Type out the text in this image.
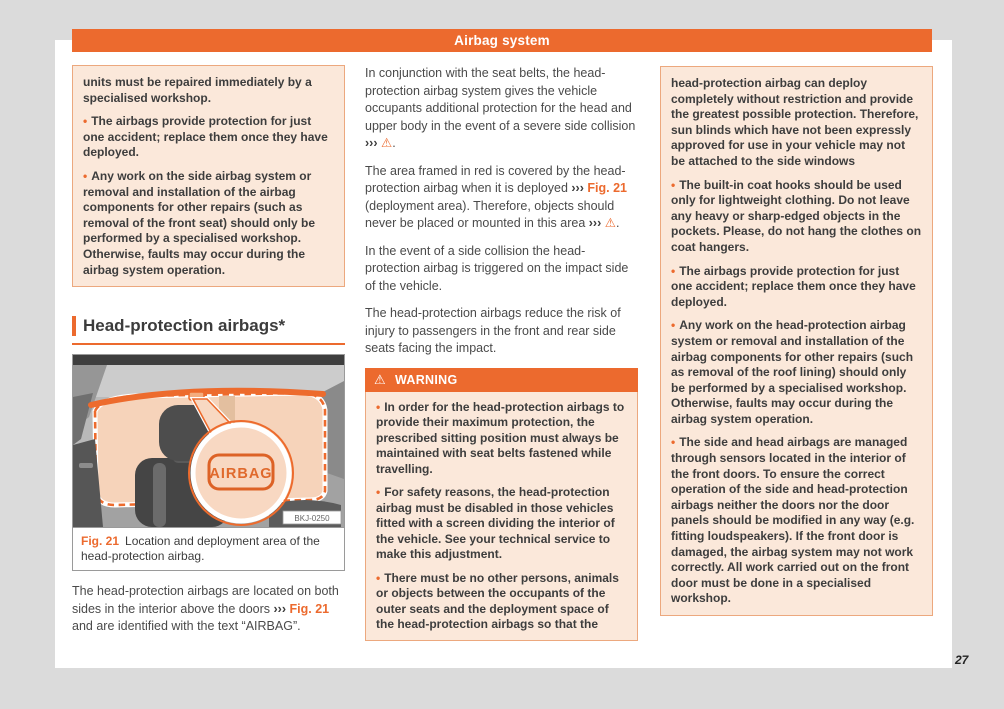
Airbag system

units must be repaired immediately by a specialised workshop.

• The airbags provide protection for just one accident; replace them once they have deployed.

• Any work on the side airbag system or removal and installation of the airbag components for other repairs (such as removal of the front seat) should only be performed by a specialised workshop. Otherwise, faults may occur during the airbag system operation.

Head-protection airbags*
AIRBAG
BKJ-0250
Fig. 21 Location and deployment area of the head-protection airbag.

The head-protection airbags are located on both sides in the interior above the doors ››› Fig. 21 and are identified with the text “AIRBAG”.

In conjunction with the seat belts, the head-protection airbag system gives the vehicle occupants additional protection for the head and upper body in the event of a severe side collision ››› ⚠.

The area framed in red is covered by the head-protection airbag when it is deployed ››› Fig. 21 (deployment area). Therefore, objects should never be placed or mounted in this area ››› ⚠.

In the event of a side collision the head-protection airbag is triggered on the impact side of the vehicle.

The head-protection airbags reduce the risk of injury to passengers in the front and rear side seats facing the impact.

⚠ WARNING

• In order for the head-protection airbags to provide their maximum protection, the prescribed sitting position must always be maintained with seat belts fastened while travelling.

• For safety reasons, the head-protection airbag must be disabled in those vehicles fitted with a screen dividing the interior of the vehicle. See your technical service to make this adjustment.

• There must be no other persons, animals or objects between the occupants of the outer seats and the deployment space of the head-protection airbags so that the

head-protection airbag can deploy completely without restriction and provide the greatest possible protection. Therefore, sun blinds which have not been expressly approved for use in your vehicle may not be attached to the side windows

• The built-in coat hooks should be used only for lightweight clothing. Do not leave any heavy or sharp-edged objects in the pockets. Please, do not hang the clothes on coat hangers.

• The airbags provide protection for just one accident; replace them once they have deployed.

• Any work on the head-protection airbag system or removal and installation of the airbag components for other repairs (such as removal of the roof lining) should only be performed by a specialised workshop. Otherwise, faults may occur during the airbag system operation.

• The side and head airbags are managed through sensors located in the interior of the front doors. To ensure the correct operation of the side and head-protection airbags neither the doors nor the door panels should be modified in any way (e.g. fitting loudspeakers). If the front door is damaged, the airbag system may not work correctly. All work carried out on the front door must be done in a specialised workshop.

27
